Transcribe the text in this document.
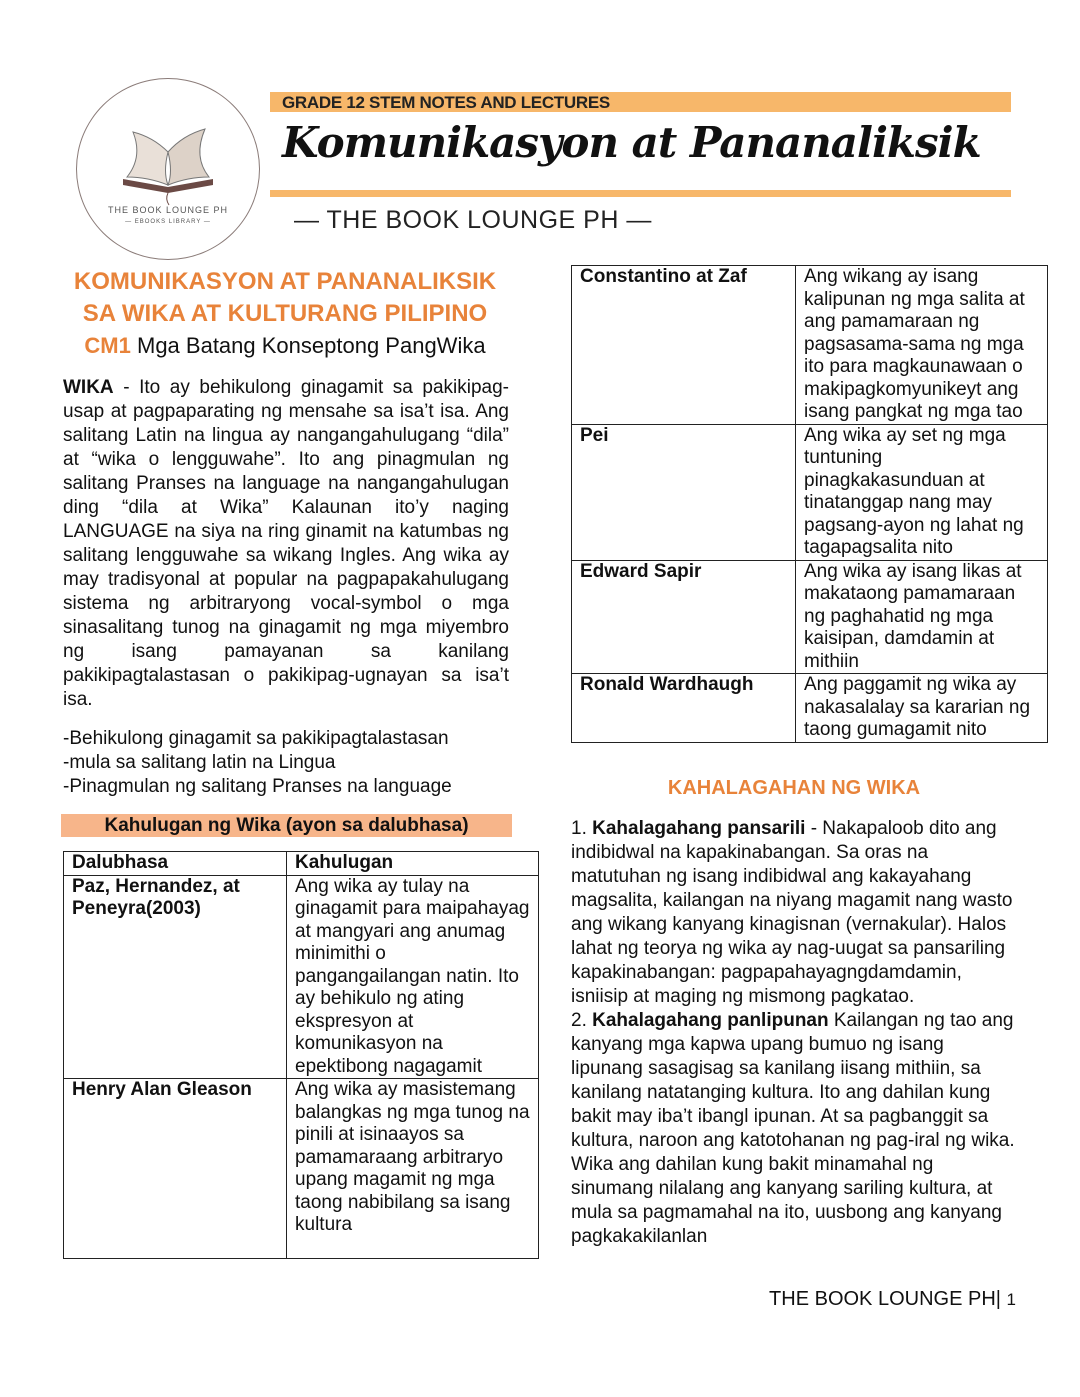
THE BOOK LOUNGE PH
— EBOOKS LIBRARY —
GRADE 12 STEM NOTES AND LECTURES
Komunikasyon at Pananaliksik
— THE BOOK LOUNGE PH —
KOMUNIKASYON AT PANANALIKSIK
SA WIKA AT KULTURANG PILIPINO
CM1 Mga Batang Konseptong PangWika

WIKA - Ito ay behikulong ginagamit sa pakikipag-usap at pagpaparating ng mensahe sa isa’t isa. Ang salitang Latin na lingua ay nangangahulugang “dila” at “wika o lengguwahe”. Ito ang pinagmulan ng salitang Pranses na language na nangangahulugan ding “dila at Wika” Kalaunan ito’y naging LANGUAGE na siya na ring ginamit na katumbas ng salitang lengguwahe sa wikang Ingles. Ang wika ay may tradisyonal at popular na pagpapakahulugang sistema ng arbitraryong vocal-symbol o mga sinasalitang tunog na ginagamit ng mga miyembro ng isang pamayanan sa kanilang pakikipagtalastasan o pakikipag-ugnayan sa isa’t isa.

-Behikulong ginagamit sa pakikipagtalastasan
-mula sa salitang latin na Lingua
-Pinagmulan ng salitang Pranses na language
Kahulugan ng Wika (ayon sa dalubhasa)
Dalubhasa	Kahulugan
Paz, Hernandez, at Peneyra(2003)	Ang wika ay tulay na ginagamit para maipahayag at mangyari ang anumag minimithi o pangangailangan natin. Ito ay behikulo ng ating ekspresyon at komunikasyon na epektibong nagagamit
Henry Alan Gleason	Ang wika ay masistemang balangkas ng mga tunog na pinili at isinaayos sa pamamaraang arbitraryo upang magamit ng mga taong nabibilang sa isang kultura
Constantino at Zaf	Ang wikang ay isang kalipunan ng mga salita at ang pamamaraan ng pagsasama-sama ng mga ito para magkaunawaan o makipagkomyunikeyt ang isang pangkat ng mga tao
Pei	Ang wika ay set ng mga tuntuning pinagkakasunduan at tinatanggap nang may pagsang-ayon ng lahat ng tagapagsalita nito
Edward Sapir	Ang wika ay isang likas at makataong pamamaraan ng paghahatid ng mga kaisipan, damdamin at mithiin
Ronald Wardhaugh	Ang paggamit ng wika ay nakasalalay sa kararian ng taong gumagamit nito
KAHALAGAHAN NG WIKA

1. Kahalagahang pansarili - Nakapaloob dito ang indibidwal na kapakinabangan. Sa oras na matutuhan ng isang indibidwal ang kakayahang magsalita, kailangan na niyang magamit nang wasto ang wikang kanyang kinagisnan (vernakular). Halos lahat ng teorya ng wika ay nag-uugat sa pansariling kapakinabangan: pagpapahayagngdamdamin, isniisip at maging ng mismong pagkatao.

2. Kahalagahang panlipunan Kailangan ng tao ang kanyang mga kapwa upang bumuo ng isang lipunang sasagisag sa kanilang iisang mithiin, sa kanilang natatanging kultura. Ito ang dahilan kung bakit may iba’t ibangl ipunan. At sa pagbanggit sa kultura, naroon ang katotohanan ng pag-iral ng wika. Wika ang dahilan kung bakit minamahal ng sinumang nilalang ang kanyang sariling kultura, at mula sa pagmamahal na ito, uusbong ang kanyang pagkakakilanlan

THE BOOK LOUNGE PH| 1
